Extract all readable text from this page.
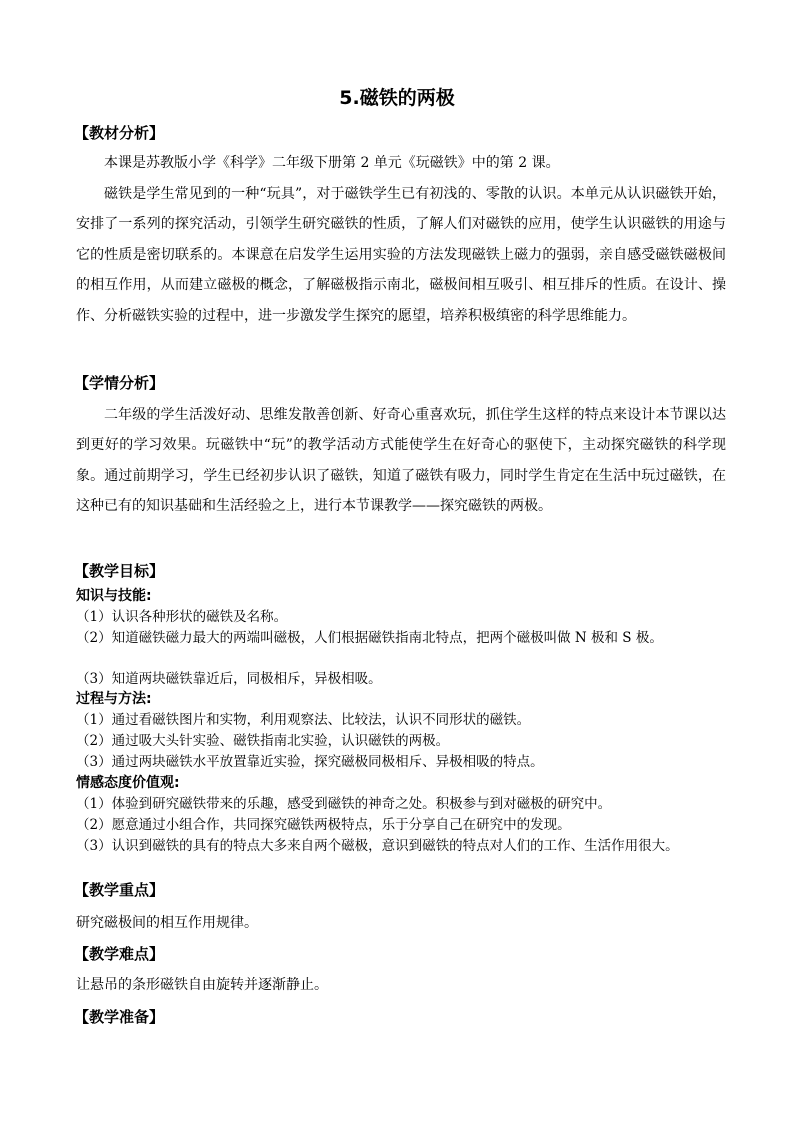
5.磁铁的两极
【教材分析】

本课是苏教版小学《科学》二年级下册第 2 单元《玩磁铁》中的第 2 课。

磁铁是学生常见到的一种“玩具”，对于磁铁学生已有初浅的、零散的认识。本单元从认识磁铁开始，安排了一系列的探究活动，引领学生研究磁铁的性质，了解人们对磁铁的应用，使学生认识磁铁的用途与它的性质是密切联系的。本课意在启发学生运用实验的方法发现磁铁上磁力的强弱，亲自感受磁铁磁极间的相互作用，从而建立磁极的概念，了解磁极指示南北，磁极间相互吸引、相互排斥的性质。在设计、操作、分析磁铁实验的过程中，进一步激发学生探究的愿望，培养积极缜密的科学思维能力。

【学情分析】

二年级的学生活泼好动、思维发散善创新、好奇心重喜欢玩，抓住学生这样的特点来设计本节课以达到更好的学习效果。玩磁铁中“玩”的教学活动方式能使学生在好奇心的驱使下，主动探究磁铁的科学现象。通过前期学习，学生已经初步认识了磁铁，知道了磁铁有吸力，同时学生肯定在生活中玩过磁铁，在这种已有的知识基础和生活经验之上，进行本节课教学——探究磁铁的两极。

【教学目标】
知识与技能:

（1）认识各种形状的磁铁及名称。

（2）知道磁铁磁力最大的两端叫磁极，人们根据磁铁指南北特点，把两个磁极叫做 N 极和 S 极。

（3）知道两块磁铁靠近后，同极相斥，异极相吸。

过程与方法:

（1）通过看磁铁图片和实物，利用观察法、比较法，认识不同形状的磁铁。

（2）通过吸大头针实验、磁铁指南北实验，认识磁铁的两极。

（3）通过两块磁铁水平放置靠近实验，探究磁极同极相斥、异极相吸的特点。

情感态度价值观:

（1）体验到研究磁铁带来的乐趣，感受到磁铁的神奇之处。积极参与到对磁极的研究中。

（2）愿意通过小组合作，共同探究磁铁两极特点，乐于分享自己在研究中的发现。

（3）认识到磁铁的具有的特点大多来自两个磁极，意识到磁铁的特点对人们的工作、生活作用很大。

【教学重点】

研究磁极间的相互作用规律。

【教学难点】

让悬吊的条形磁铁自由旋转并逐渐静止。

【教学准备】
